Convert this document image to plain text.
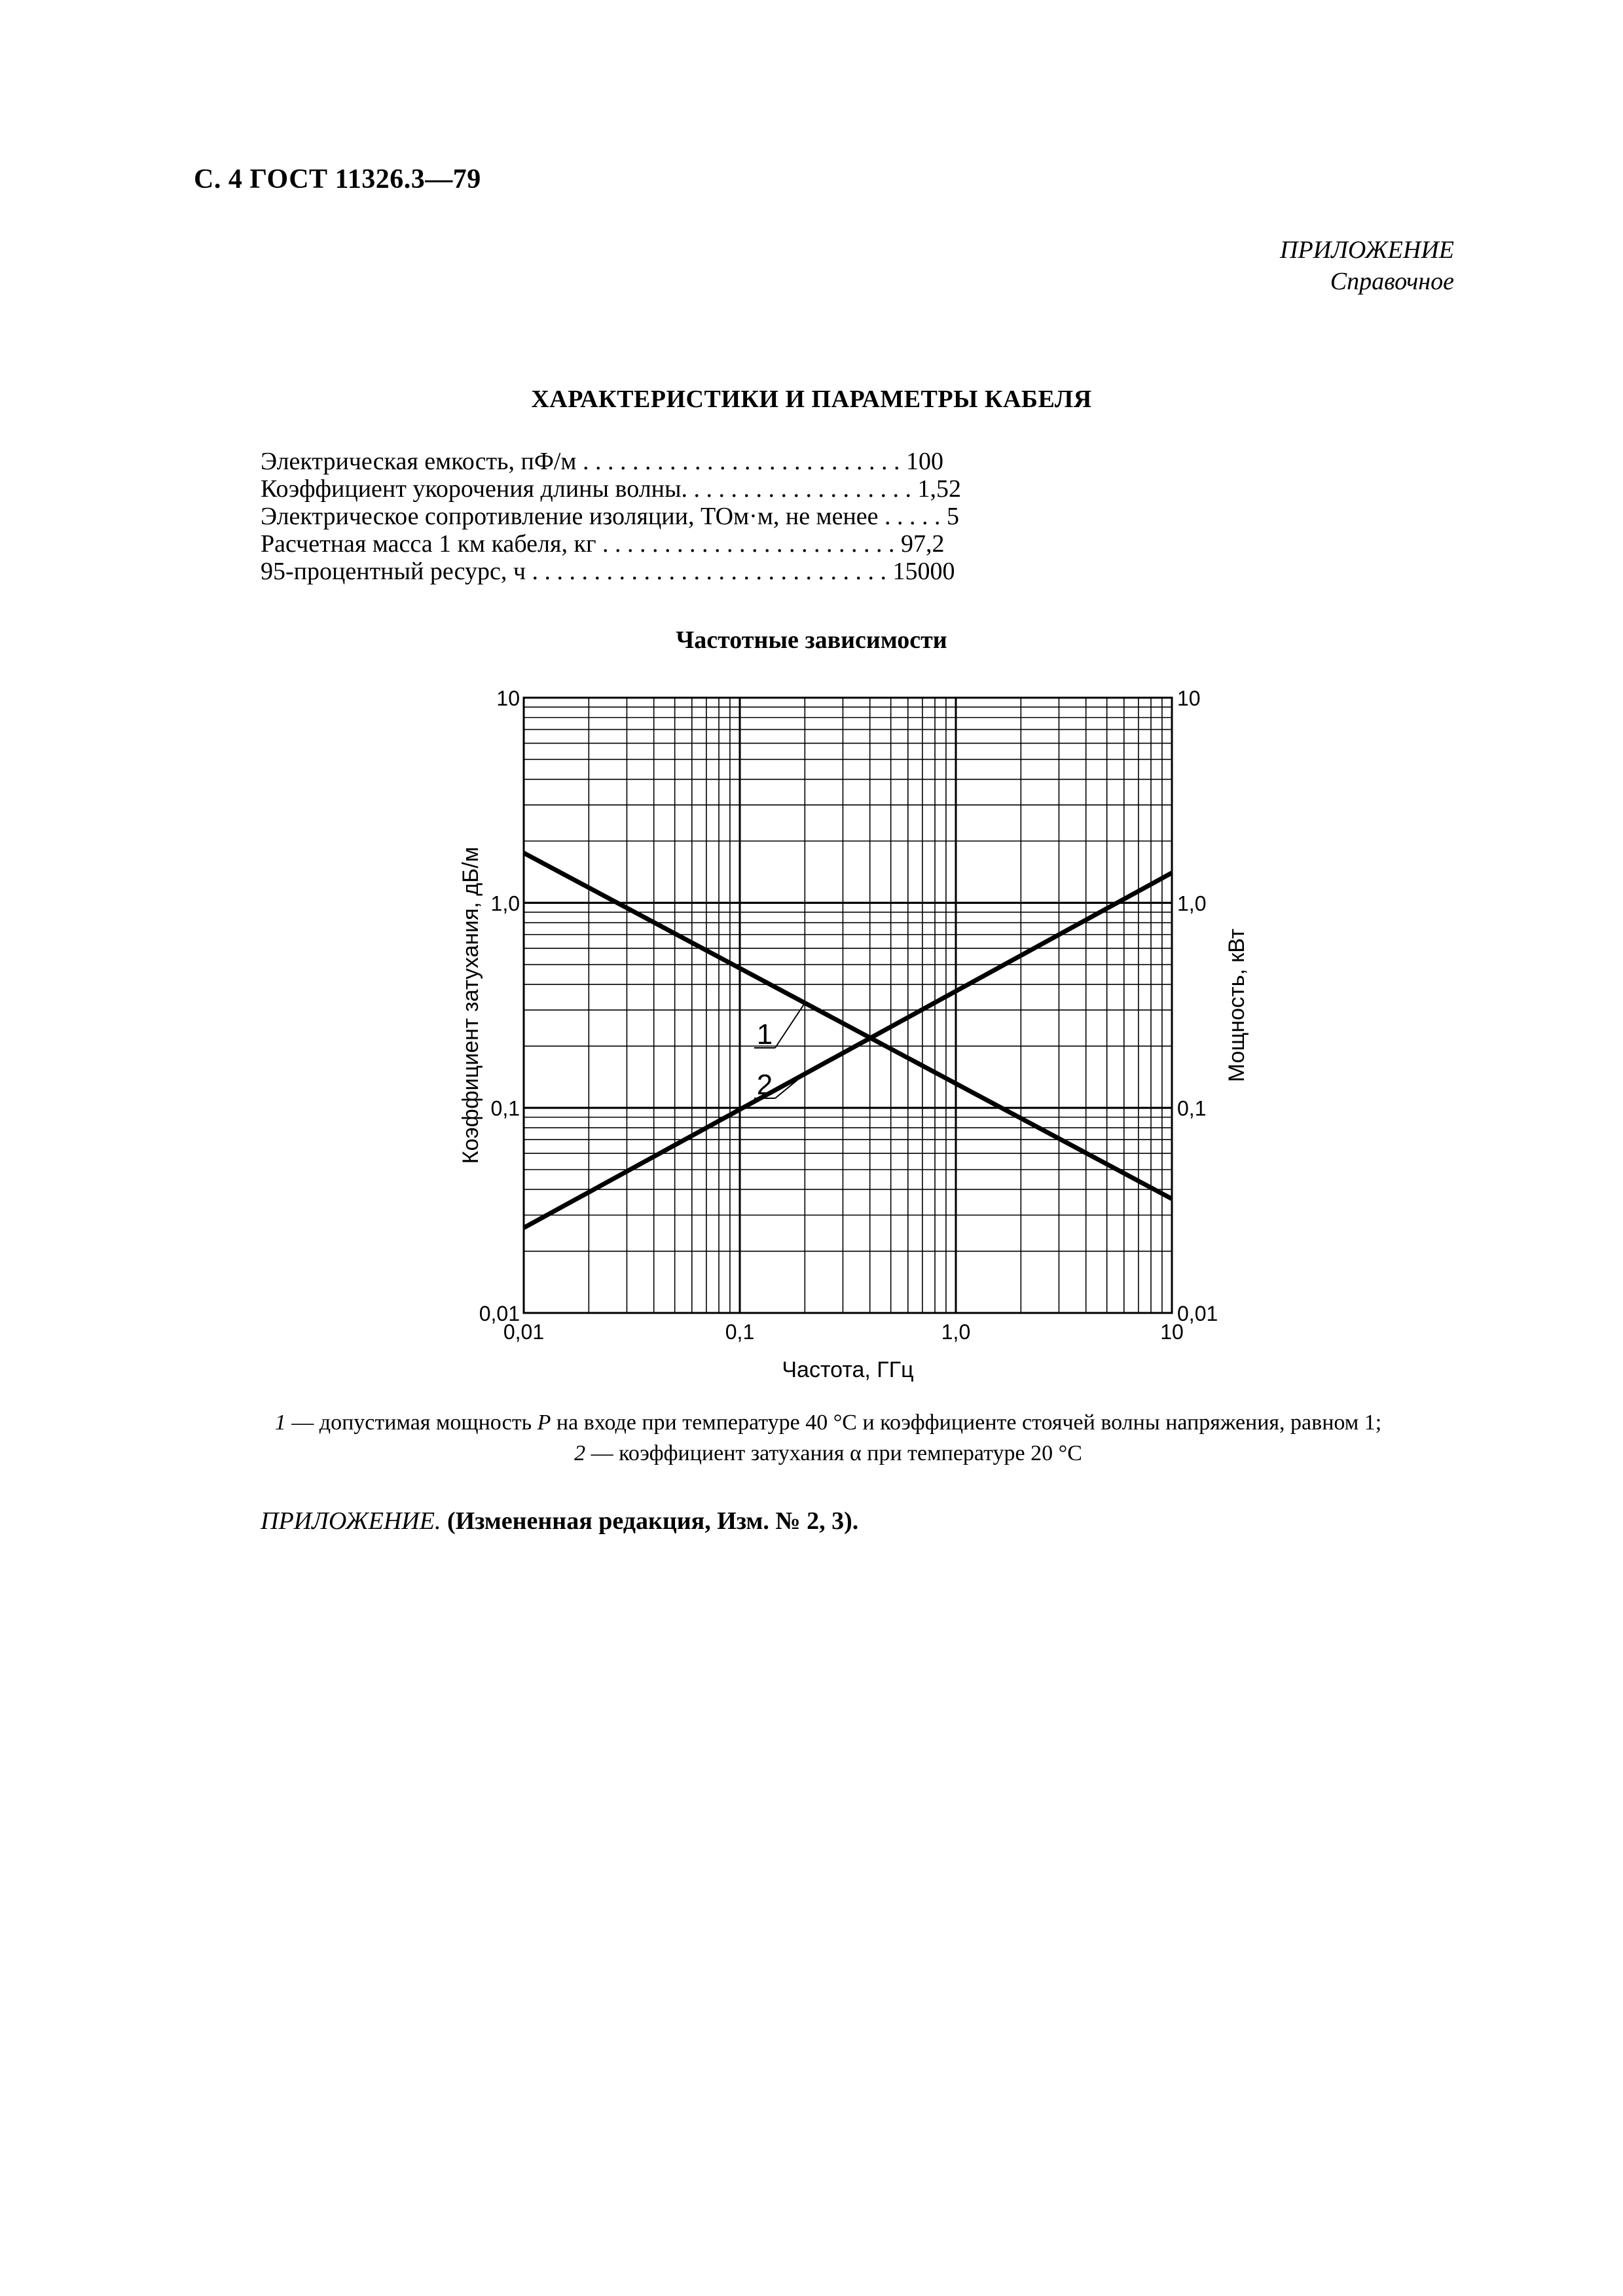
С. 4 ГОСТ 11326.3—79
ПРИЛОЖЕНИЕ
Справочное
ХАРАКТЕРИСТИКИ И ПАРАМЕТРЫ КАБЕЛЯ
Электрическая емкость, пФ/м . . . . . . . . . . . . . . . . . . . . . . . . . . 100
Коэффициент укорочения длины волны. . . . . . . . . . . . . . . . . . . 1,52
Электрическое сопротивление изоляции, ТОм·м, не менее . . . . . 5
Расчетная масса 1 км кабеля, кг . . . . . . . . . . . . . . . . . . . . . . . . 97,2
95-процентный ресурс, ч . . . . . . . . . . . . . . . . . . . . . . . . . . . . . 15000
Частотные зависимости
1
2
0,01	0,1	1,0	10
0,01
0,1
1,0
10
0,01
0,1
1,0
10
Частота, ГГц
Коэффициент затухания, дБ/м	Мощность, кВт
1 — допустимая мощность P на входе при температуре 40 °С и коэффициенте стоячей волны напряжения, равном 1;
2 — коэффициент затухания α при температуре 20 °С
ПРИЛОЖЕНИЕ. (Измененная редакция, Изм. № 2, 3).
